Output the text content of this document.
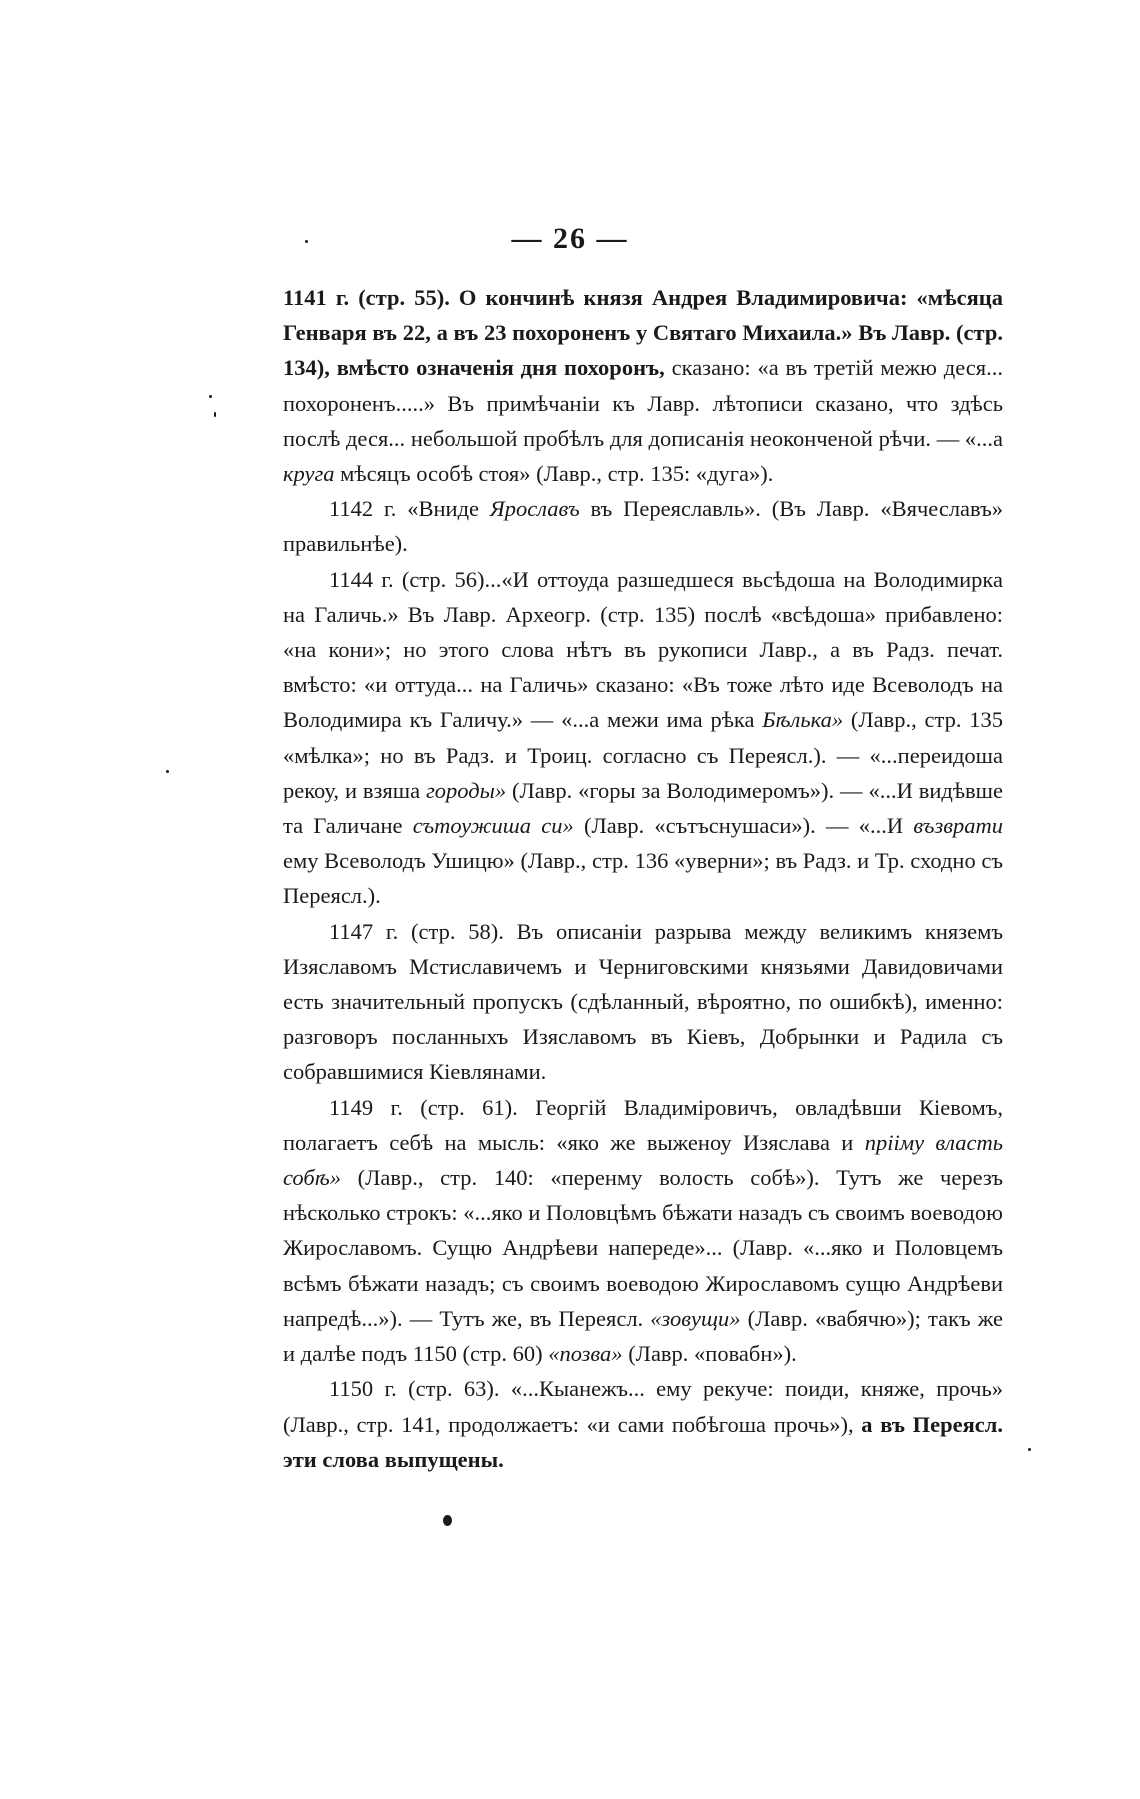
— 26 —

1141 г. (стр. 55). О кончинѣ князя Андрея Владимировича: «мѣсяца Генваря въ 22, а въ 23 похороненъ у Святаго Михаила.» Въ Лавр. (стр. 134), вмѣсто означенія дня похоронъ, сказано: «а въ третій межю деся... похороненъ.....» Въ примѣчаніи къ Лавр. лѣтописи сказано, что здѣсь послѣ деся... небольшой пробѣлъ для дописанія неоконченой рѣчи. — «...а круга мѣсяцъ особѣ стоя» (Лавр., стр. 135: «дуга»).

1142 г. «Вниде Ярославъ въ Переяславль». (Въ Лавр. «Вячеславъ» правильнѣе).

1144 г. (стр. 56)...«И оттоуда разшедшеся вьсѣдоша на Володимирка на Галичь.» Въ Лавр. Археогр. (стр. 135) послѣ «всѣдоша» прибавлено: «на кони»; но этого слова нѣтъ въ рукописи Лавр., а въ Радз. печат. вмѣсто: «и оттуда... на Галичь» сказано: «Въ тоже лѣто иде Всеволодъ на Володимира къ Галичу.» — «...а межи има рѣка Бѣлька» (Лавр., стр. 135 «мѣлка»; но въ Радз. и Троиц. согласно съ Переясл.). — «...переидоша рекоу, и взяша городы» (Лавр. «горы за Володимеромъ»). — «...И видѣвше та Галичане сътоужиша си» (Лавр. «сътъснушаси»). — «...И възврати ему Всеволодъ Ушицю» (Лавр., стр. 136 «уверни»; въ Радз. и Тр. сходно съ Переясл.).

1147 г. (стр. 58). Въ описаніи разрыва между великимъ княземъ Изяславомъ Мстиславичемъ и Черниговскими князьями Давидовичами есть значительный пропускъ (сдѣланный, вѣроятно, по ошибкѣ), именно: разговоръ посланныхъ Изяславомъ въ Кіевъ, Добрынки и Радила съ собравшимися Кіевлянами.

1149 г. (стр. 61). Георгій Владиміровичъ, овладѣвши Кіевомъ, полагаетъ себѣ на мысль: «яко же выженоу Изяслава и прііму власть собѣ» (Лавр., стр. 140: «перенму волость собѣ»). Тутъ же черезъ нѣсколько строкъ: «...яко и Половцѣмъ бѣжати назадъ съ своимъ воеводою Жирославомъ. Сущю Андрѣеви напереде»... (Лавр. «...яко и Половцемъ всѣмъ бѣжати назадъ; съ своимъ воеводою Жирославомъ сущю Андрѣеви напредѣ...»). — Тутъ же, въ Переясл. «зовущи» (Лавр. «вабячю»); такъ же и далѣе подъ 1150 (стр. 60) «позва» (Лавр. «повабн»).

1150 г. (стр. 63). «...Кыанежъ... ему рекуче: поиди, княже, прочь» (Лавр., стр. 141, продолжаетъ: «и сами побѣгоша прочь»), а въ Переясл. эти слова выпущены.
